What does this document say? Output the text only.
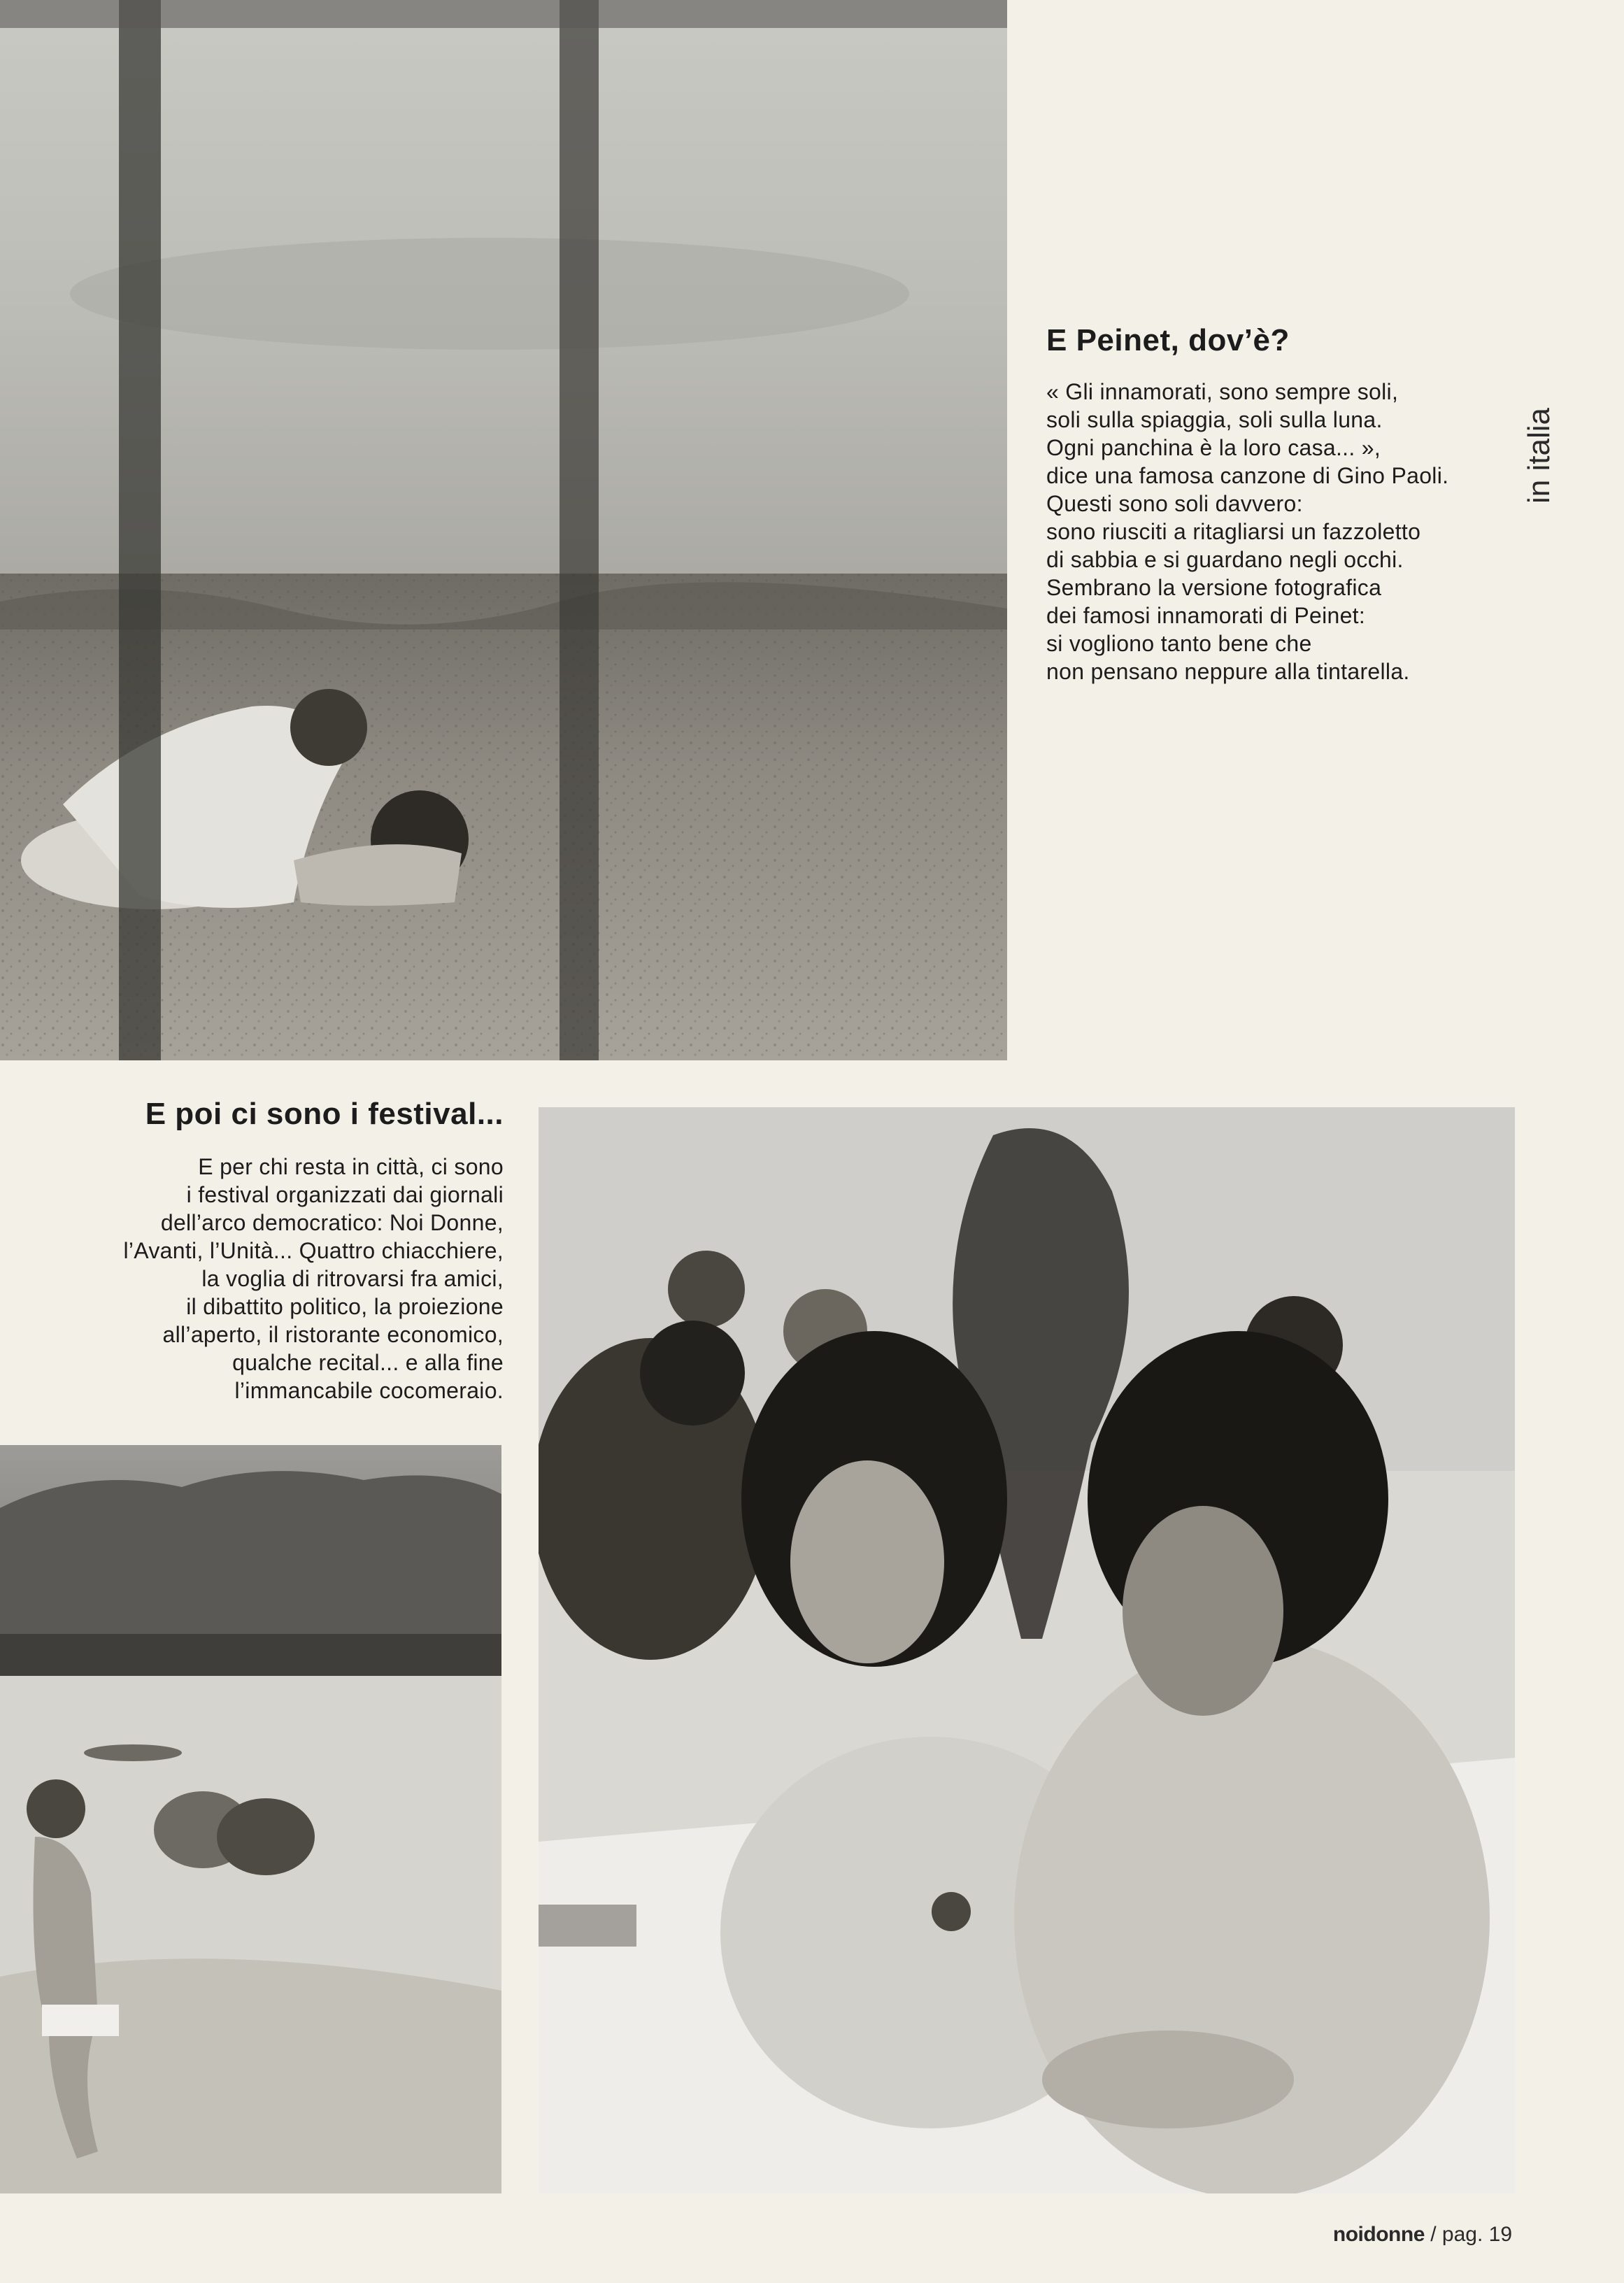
E Peinet, dov’è?
« Gli innamorati, sono sempre soli,
soli sulla spiaggia, soli sulla luna.
Ogni panchina è la loro casa... »,
dice una famosa canzone di Gino Paoli.
Questi sono soli davvero:
sono riusciti a ritagliarsi un fazzoletto
di sabbia e si guardano negli occhi.
Sembrano la versione fotografica
dei famosi innamorati di Peinet:
si vogliono tanto bene che
non pensano neppure alla tintarella.
in italia
E poi ci sono i festival...
E per chi resta in città, ci sono
i festival organizzati dai giornali
dell’arco democratico: Noi Donne,
l’Avanti, l’Unità... Quattro chiacchiere,
la voglia di ritrovarsi fra amici,
il dibattito politico, la proiezione
all’aperto, il ristorante economico,
qualche recital... e alla fine
l’immancabile cocomeraio.
noidonne / pag. 19
